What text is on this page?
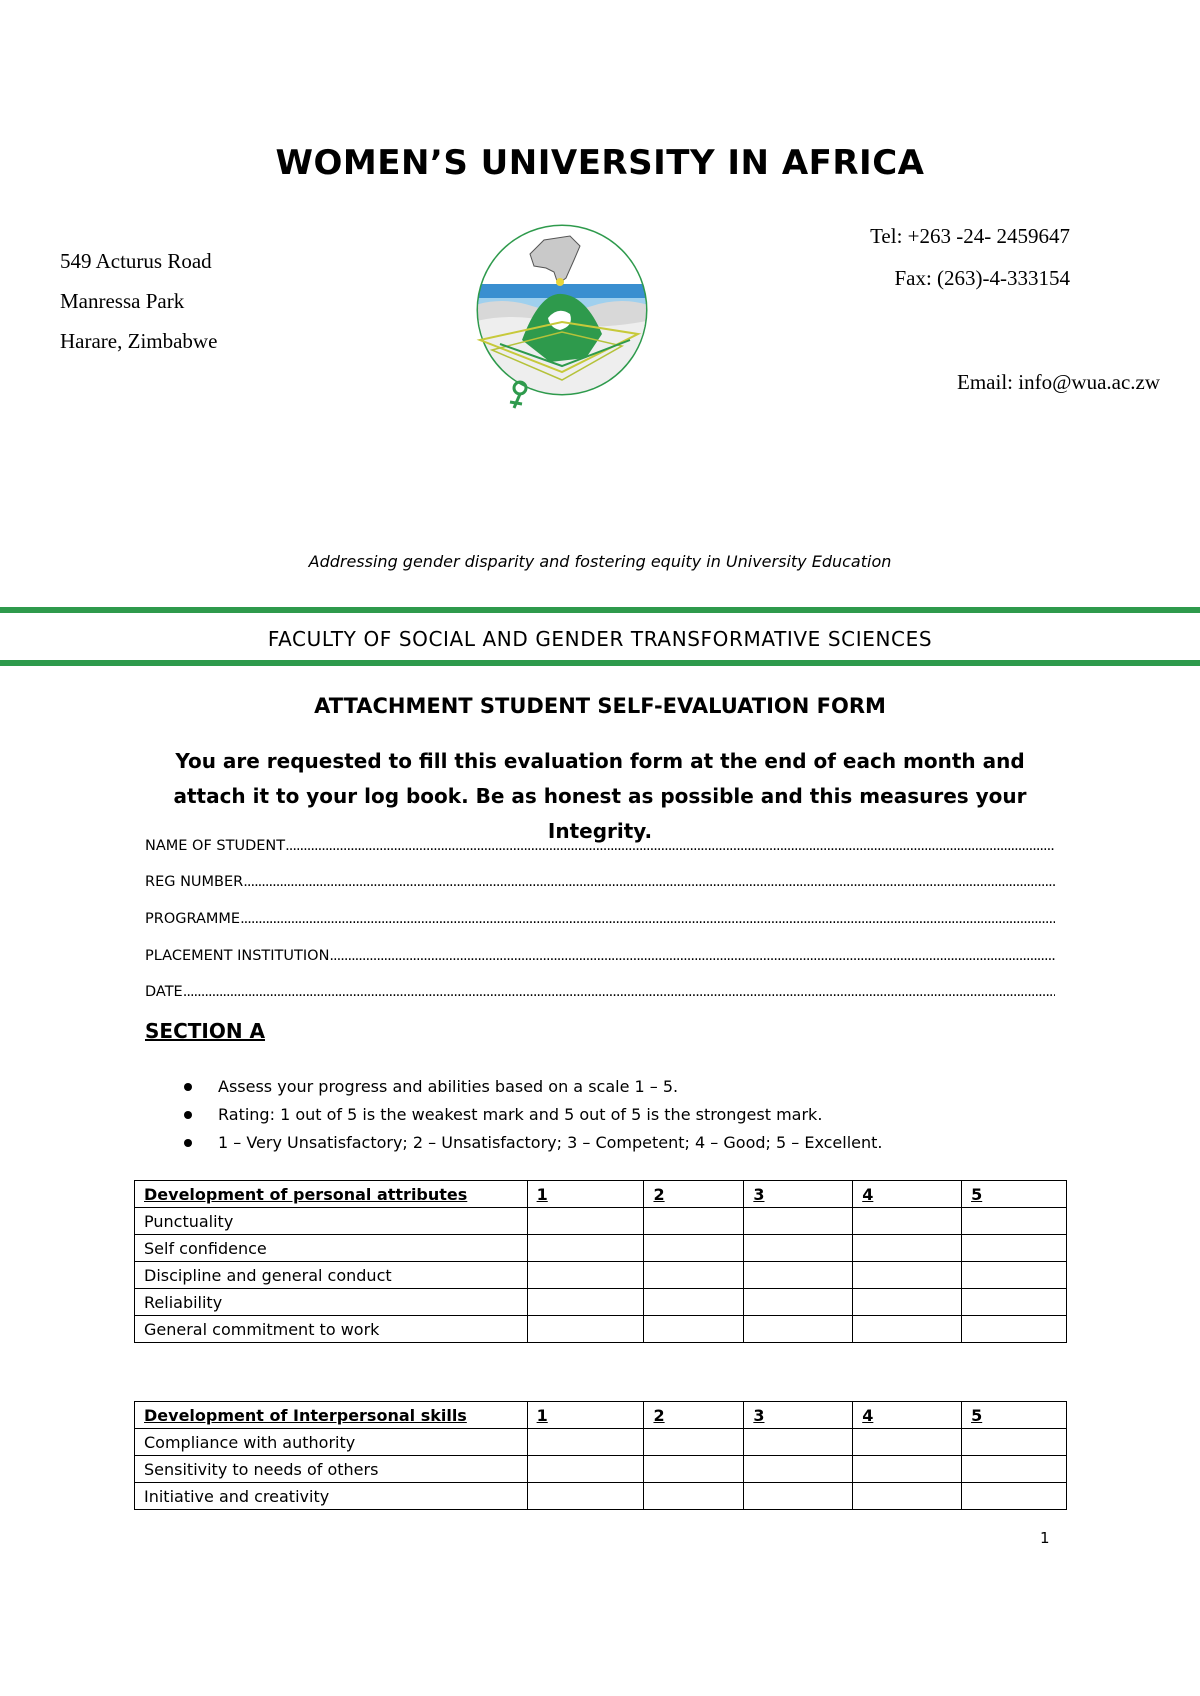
WOMEN’S UNIVERSITY IN AFRICA
549 Acturus Road
Manressa Park
Harare, Zimbabwe
Tel: +263 -24- 2459647
Fax: (263)-4-333154
Email: info@wua.ac.zw
Addressing gender disparity and fostering equity in University Education
FACULTY OF SOCIAL AND GENDER TRANSFORMATIVE SCIENCES
ATTACHMENT STUDENT SELF-EVALUATION FORM
You are requested to fill this evaluation form at the end of each month and attach it to your log book. Be as honest as possible and this measures your Integrity.
NAME OF STUDENT
.....
REG NUMBER
.....
PROGRAMME
.....
PLACEMENT INSTITUTION
.....
DATE
.....
SECTION A
Assess your progress and abilities based on a scale 1 – 5.
Rating: 1 out of 5 is the weakest mark and 5 out of 5 is the strongest mark.
1 – Very Unsatisfactory; 2 – Unsatisfactory; 3 – Competent; 4 – Good; 5 – Excellent.
Development of personal attributes	1	2	3	4	5
Punctuality					
Self confidence					
Discipline and general conduct					
Reliability					
General commitment to work					
Development of Interpersonal skills	1	2	3	4	5
Compliance with authority					
Sensitivity to needs of others					
Initiative and creativity					
1
